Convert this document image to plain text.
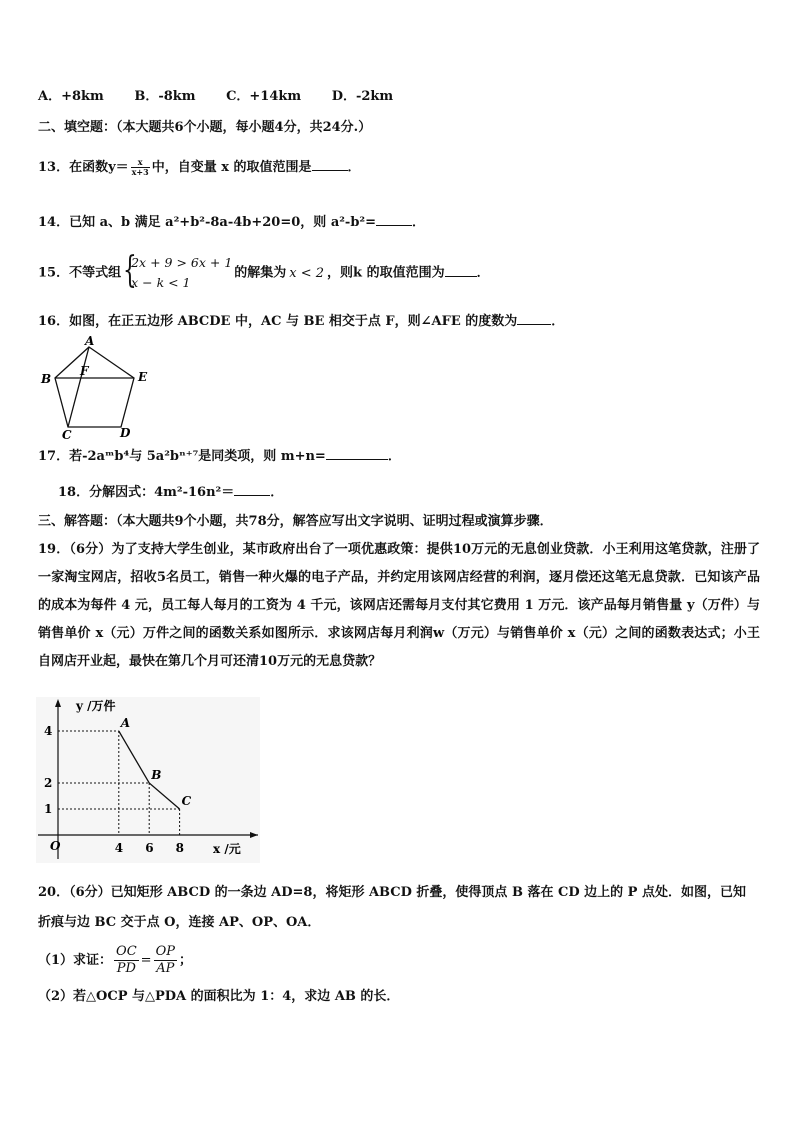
A．+8km B．-8km C．+14km D．-2km
二、填空题：（本大题共6个小题，每小题4分，共24分.）
13．在函数$y= \frac{x}{x+3}$ 中，自变量 x 的取值范围是	．
14．已知 a、b 满足 a²+b²-8a-4b+20=0，则 a²-b²=	．
15．不等式组 {
2x + 9 > 6x + 1
x − k < 1
的解集为 x < 2 ，则k 的取值范围为 ．
16．如图，在正五边形 ABCDE 中，AC 与 BE 相交于点 F，则∠AFE 的度数为	．
A
B
F	E
C	D
17．若-2aᵐb⁴与 5a²bⁿ⁺⁷是同类项，则 m+n=	．
18．分解因式：4m²-16n²＝	．
三、解答题：（本大题共9个小题，共78分，解答应写出文字说明、证明过程或演算步骤．
19．（6分）为了支持大学生创业，某市政府出台了一项优惠政策：提供10万元的无息创业贷款．小王利用这笔贷款，注册了一家淘宝网店，招收5名员工，销售一种火爆的电子产品，并约定用该网店经营的利润，逐月偿还这笔无息贷款．已知该产品的成本为每件 4 元，员工每人每月的工资为 4 千元，该网店还需每月支付其它费用 1 万元．该产品每月销售量 y（万件）与销售单价 x（元）万件之间的函数关系如图所示．求该网店每月利润w（万元）与销售单价 x（元）之间的函数表达式；小王自网店开业起，最快在第几个月可还清10万元的无息贷款？
A
B
C
4 6 8
1
2
4
O
y /万件
x /元
20．（6分）已知矩形 ABCD 的一条边 AD=8，将矩形 ABCD 折叠，使得顶点 B 落在 CD 边上的 P 点处．如图，已知
折痕与边 BC 交于点 O，连接 AP、OP、OA．
（1）求证： $\frac{OC}{PD} = \frac{OP}{AP}$ ；
（2）若△OCP 与△PDA 的面积比为 1：4，求边 AB 的长．
